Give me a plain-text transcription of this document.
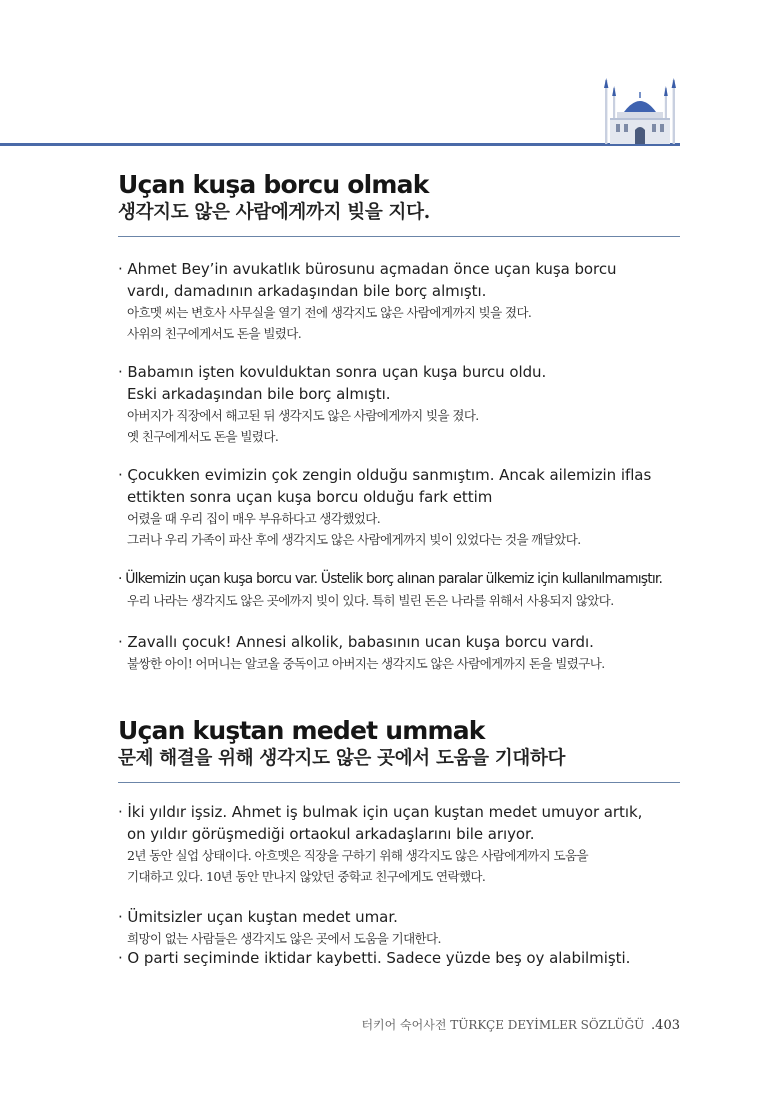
Uçan kuşa borcu olmak
생각지도 않은 사람에게까지 빚을 지다.
· Ahmet Bey’in avukatlık bürosunu açmadan önce uçan kuşa borcu
vardı, damadının arkadaşından bile borç almıştı.
아흐멧 씨는 변호사 사무실을 열기 전에 생각지도 않은 사람에게까지 빚을 졌다.
사위의 친구에게서도 돈을 빌렸다.
· Babamın işten kovulduktan sonra uçan kuşa burcu oldu.
Eski arkadaşından bile borç almıştı.
아버지가 직장에서 해고된 뒤 생각지도 않은 사람에게까지 빚을 졌다.
옛 친구에게서도 돈을 빌렸다.
· Çocukken evimizin çok zengin olduğu sanmıştım. Ancak ailemizin iflas
ettikten sonra uçan kuşa borcu olduğu fark ettim
어렸을 때 우리 집이 매우 부유하다고 생각했었다.
그러나 우리 가족이 파산 후에 생각지도 않은 사람에게까지 빚이 있었다는 것을 깨달았다.
· Ülkemizin uçan kuşa borcu var. Üstelik borç alınan paralar ülkemiz için kullanılmamıştır.
우리 나라는 생각지도 않은 곳에까지 빚이 있다. 특히 빌린 돈은 나라를 위해서 사용되지 않았다.
· Zavallı çocuk! Annesi alkolik, babasının ucan kuşa borcu vardı.
불쌍한 아이! 어머니는 알코올 중독이고 아버지는 생각지도 않은 사람에게까지 돈을 빌렸구나.
Uçan kuştan medet ummak
문제 해결을 위해 생각지도 않은 곳에서 도움을 기대하다
· İki yıldır işsiz. Ahmet iş bulmak için uçan kuştan medet umuyor artık,
on yıldır görüşmediği ortaokul arkadaşlarını bile arıyor.
2년 동안 실업 상태이다. 아흐멧은 직장을 구하기 위해 생각지도 않은 사람에게까지 도움을
기대하고 있다. 10년 동안 만나지 않았던 중학교 친구에게도 연락했다.
· Ümitsizler uçan kuştan medet umar.
희망이 없는 사람들은 생각지도 않은 곳에서 도움을 기대한다.
· O parti seçiminde iktidar kaybetti. Sadece yüzde beş oy alabilmişti.
터키어 숙어사전 TÜRKÇE DEYİMLER SÖZLÜĞÜ .403
